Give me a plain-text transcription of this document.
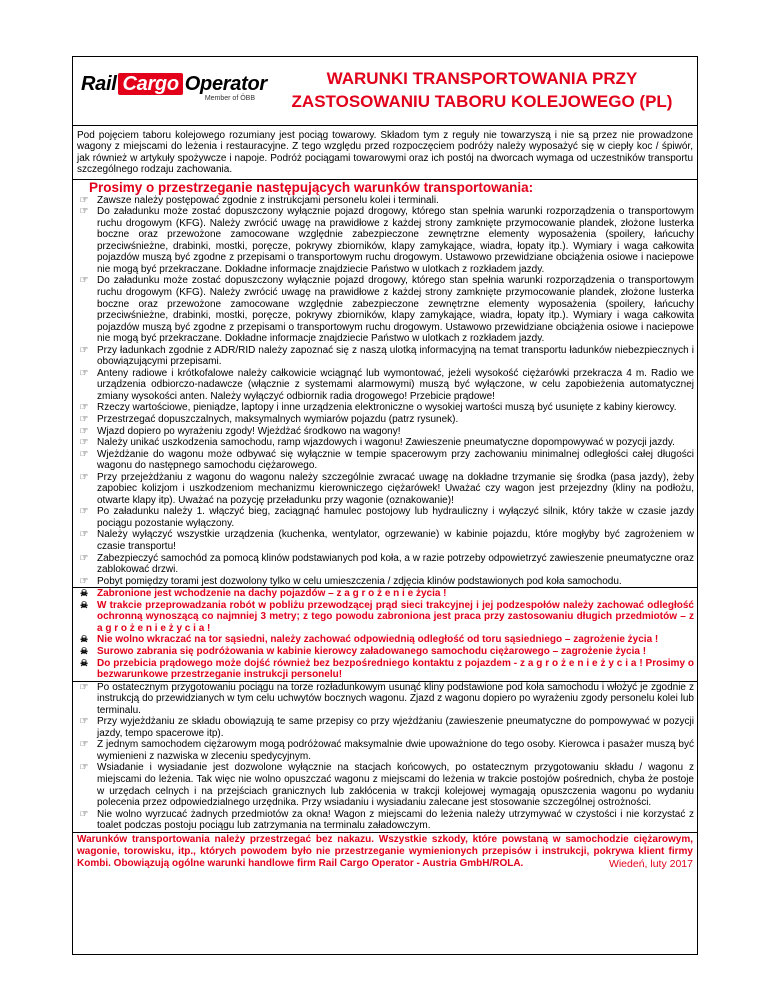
Rail Cargo Operator
Member of ÖBB
WARUNKI TRANSPORTOWANIA PRZY
ZASTOSOWANIU TABORU KOLEJOWEGO (PL)
Pod pojęciem taboru kolejowego rozumiany jest pociąg towarowy. Składom tym z reguły nie towarzyszą i nie są przez nie prowadzone wagony z miejscami do leżenia i restauracyjne. Z tego względu przed rozpoczęciem podróży należy wyposażyć się w ciepły koc / śpiwór, jak również w artykuły spożywcze i napoje. Podróż pociągami towarowymi oraz ich postój na dworcach wymaga od uczestników transportu szczególnego rodzaju zachowania.
Prosimy o przestrzeganie następujących warunków transportowania:
☞ Zawsze należy postępować zgodnie z instrukcjami personelu kolei i terminali.
☞ Do załadunku może zostać dopuszczony wyłącznie pojazd drogowy, którego stan spełnia warunki rozporządzenia o transportowym ruchu drogowym (KFG). Należy zwrócić uwagę na prawidłowe z każdej strony zamknięte przymocowanie plandek, złożone lusterka boczne oraz przewożone zamocowane względnie zabezpieczone zewnętrzne elementy wyposażenia (spoilery, łańcuchy przeciwśnieżne, drabinki, mostki, poręcze, pokrywy zbiorników, klapy zamykające, wiadra, łopaty itp.). Wymiary i waga całkowita pojazdów muszą być zgodne z przepisami o transportowym ruchu drogowym. Ustawowo przewidziane obciążenia osiowe i naciepowe nie mogą być przekraczane. Dokładne informacje znajdziecie Państwo w ulotkach z rozkładem jazdy.
☞ Do załadunku może zostać dopuszczony wyłącznie pojazd drogowy, którego stan spełnia warunki rozporządzenia o transportowym ruchu drogowym (KFG). Należy zwrócić uwagę na prawidłowe z każdej strony zamknięte przymocowanie plandek, złożone lusterka boczne oraz przewożone zamocowane względnie zabezpieczone zewnętrzne elementy wyposażenia (spoilery, łańcuchy przeciwśnieżne, drabinki, mostki, poręcze, pokrywy zbiorników, klapy zamykające, wiadra, łopaty itp.). Wymiary i waga całkowita pojazdów muszą być zgodne z przepisami o transportowym ruchu drogowym. Ustawowo przewidziane obciążenia osiowe i naciepowe nie mogą być przekraczane. Dokładne informacje znajdziecie Państwo w ulotkach z rozkładem jazdy.
☞ Przy ładunkach zgodnie z ADR/RID należy zapoznać się z naszą ulotką informacyjną na temat transportu ładunków niebezpiecznych i obowiązującymi przepisami.
☞ Anteny radiowe i krótkofalowe należy całkowicie wciągnąć lub wymontować, jeżeli wysokość ciężarówki przekracza 4 m. Radio we urządzenia odbiorczo-nadawcze (włącznie z systemami alarmowymi) muszą być wyłączone, w celu zapobieżenia automatycznej zmiany wysokości anten. Należy wyłączyć odbiornik radia drogowego! Przebicie prądowe!
☞ Rzeczy wartościowe, pieniądze, laptopy i inne urządzenia elektroniczne o wysokiej wartości muszą być usunięte z kabiny kierowcy.
☞ Przestrzegać dopuszczalnych, maksymalnych wymiarów pojazdu (patrz rysunek).
☞ Wjazd dopiero po wyrażeniu zgody! Wjeżdżać środkowo na wagony!
☞ Należy unikać uszkodzenia samochodu, ramp wjazdowych i wagonu! Zawieszenie pneumatyczne dopompowywać w pozycji jazdy.
☞ Wjeżdżanie do wagonu może odbywać się wyłącznie w tempie spacerowym przy zachowaniu minimalnej odległości całej długości wagonu do następnego samochodu ciężarowego.
☞ Przy przejeżdżaniu z wagonu do wagonu należy szczególnie zwracać uwagę na dokładne trzymanie się środka (pasa jazdy), żeby zapobiec kolizjom i uszkodzeniom mechanizmu kierowniczego ciężarówek! Uważać czy wagon jest przejezdny (kliny na podłożu, otwarte klapy itp). Uważać na pozycję przeładunku przy wagonie (oznakowanie)!
☞ Po załadunku należy 1. włączyć bieg, zaciągnąć hamulec postojowy lub hydrauliczny i wyłączyć silnik, który także w czasie jazdy pociągu pozostanie wyłączony.
☞ Należy wyłączyć wszystkie urządzenia (kuchenka, wentylator, ogrzewanie) w kabinie pojazdu, które mogłyby być zagrożeniem w czasie transportu!
☞ Zabezpieczyć samochód za pomocą klinów podstawianych pod koła, a w razie potrzeby odpowietrzyć zawieszenie pneumatyczne oraz zablokować drzwi.
☞ Pobyt pomiędzy torami jest dozwolony tylko w celu umieszczenia / zdjęcia klinów podstawionych pod koła samochodu.
☠ Zabronione jest wchodzenie na dachy pojazdów – z a g r o ż e n i e życia !
☠ W trakcie przeprowadzania robót w pobliżu przewodzącej prąd sieci trakcyjnej i jej podzespołów należy zachować odległość ochronną wynoszącą co najmniej 3 metry; z tego powodu zabroniona jest praca przy zastosowaniu długich przedmiotów – z a g r o ż e n i e ż y c i a !
☠ Nie wolno wkraczać na tor sąsiedni, należy zachować odpowiednią odległość od toru sąsiedniego – zagrożenie życia !
☠ Surowo zabrania się podróżowania w kabinie kierowcy załadowanego samochodu ciężarowego – zagrożenie życia !
☠ Do przebicia prądowego może dojść również bez bezpośredniego kontaktu z pojazdem - z a g r o ż e n i e ż y c i a ! Prosimy o bezwarunkowe przestrzeganie instrukcji personelu!
☞ Po ostatecznym przygotowaniu pociągu na torze rozładunkowym usunąć kliny podstawione pod koła samochodu i włożyć je zgodnie z instrukcją do przewidzianych w tym celu uchwytów bocznych wagonu. Zjazd z wagonu dopiero po wyrażeniu zgody personelu kolei lub terminalu.
☞ Przy wyjeżdżaniu ze składu obowiązują te same przepisy co przy wjeżdżaniu (zawieszenie pneumatyczne do pompowywać w pozycji jazdy, tempo spacerowe itp).
☞ Z jednym samochodem ciężarowym mogą podróżować maksymalnie dwie upoważnione do tego osoby. Kierowca i pasażer muszą być wymienieni z nazwiska w zleceniu spedycyjnym.
☞ Wsiadanie i wysiadanie jest dozwolone wyłącznie na stacjach końcowych, po ostatecznym przygotowaniu składu / wagonu z miejscami do leżenia. Tak więc nie wolno opuszczać wagonu z miejscami do leżenia w trakcie postojów pośrednich, chyba że postoje w urzędach celnych i na przejściach granicznych lub zakłócenia w trakcji kolejowej wymagają opuszczenia wagonu po wydaniu polecenia przez odpowiedzialnego urzędnika. Przy wsiadaniu i wysiadaniu zalecane jest stosowanie szczególnej ostrożności.
☞ Nie wolno wyrzucać żadnych przedmiotów za okna! Wagon z miejscami do leżenia należy utrzymywać w czystości i nie korzystać z toalet podczas postoju pociągu lub zatrzymania na terminalu załadowczym.
Warunków transportowania należy przestrzegać bez nakazu. Wszystkie szkody, które powstaną w samochodzie ciężarowym, wagonie, torowisku, itp., których powodem było nie przestrzeganie wymienionych przepisów i instrukcji, pokrywa klient firmy Kombi. Obowiązują ogólne warunki handlowe firm Rail Cargo Operator - Austria GmbH/ROLA.	Wiedeń, luty 2017
